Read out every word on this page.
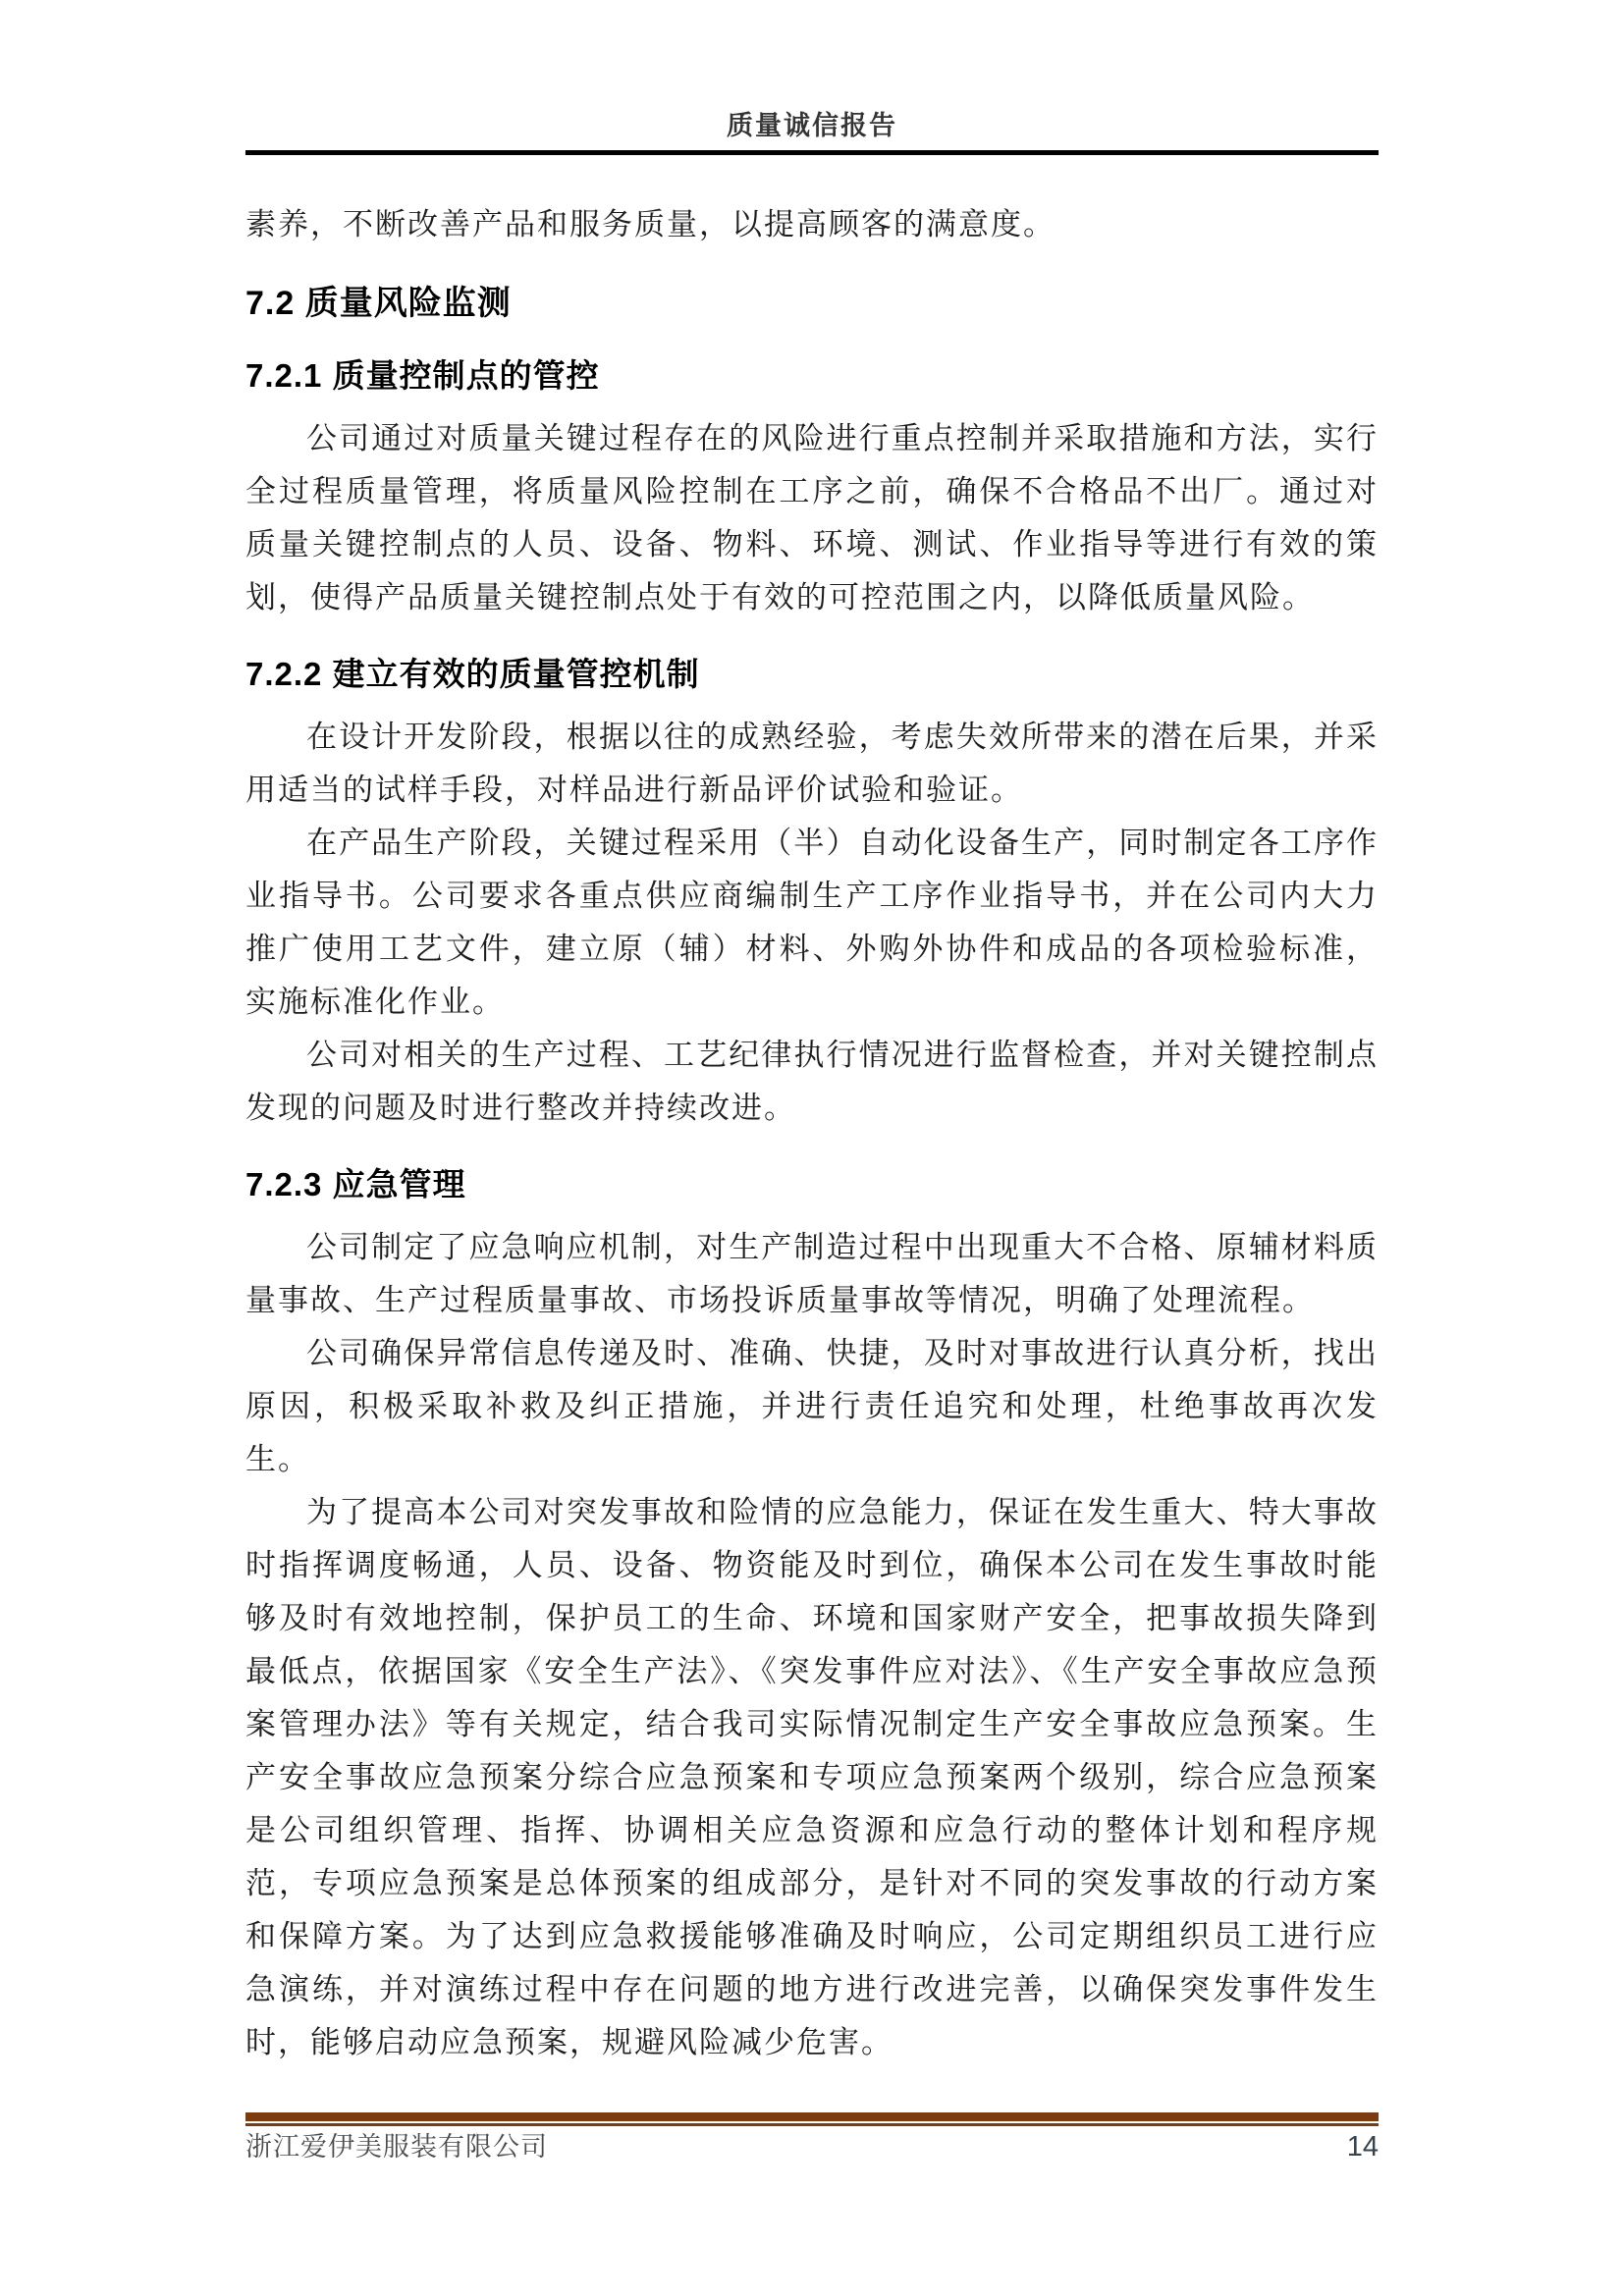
质量诚信报告

素养，不断改善产品和服务质量，以提高顾客的满意度。

7.2 质量风险监测
7.2.1 质量控制点的管控

公司通过对质量关键过程存在的风险进行重点控制并采取措施和方法，实行全过程质量管理，将质量风险控制在工序之前，确保不合格品不出厂。通过对质量关键控制点的人员、设备、物料、环境、测试、作业指导等进行有效的策划，使得产品质量关键控制点处于有效的可控范围之内，以降低质量风险。

7.2.2 建立有效的质量管控机制

在设计开发阶段，根据以往的成熟经验，考虑失效所带来的潜在后果，并采用适当的试样手段，对样品进行新品评价试验和验证。

在产品生产阶段，关键过程采用（半）自动化设备生产，同时制定各工序作业指导书。公司要求各重点供应商编制生产工序作业指导书，并在公司内大力推广使用工艺文件，建立原（辅）材料、外购外协件和成品的各项检验标准，实施标准化作业。

公司对相关的生产过程、工艺纪律执行情况进行监督检查，并对关键控制点发现的问题及时进行整改并持续改进。

7.2.3 应急管理

公司制定了应急响应机制，对生产制造过程中出现重大不合格、原辅材料质量事故、生产过程质量事故、市场投诉质量事故等情况，明确了处理流程。

公司确保异常信息传递及时、准确、快捷，及时对事故进行认真分析，找出原因，积极采取补救及纠正措施，并进行责任追究和处理，杜绝事故再次发生。

为了提高本公司对突发事故和险情的应急能力，保证在发生重大、特大事故时指挥调度畅通，人员、设备、物资能及时到位，确保本公司在发生事故时能够及时有效地控制，保护员工的生命、环境和国家财产安全，把事故损失降到最低点，依据国家《安全生产法》、《突发事件应对法》、《生产安全事故应急预案管理办法》等有关规定，结合我司实际情况制定生产安全事故应急预案。生产安全事故应急预案分综合应急预案和专项应急预案两个级别，综合应急预案是公司组织管理、指挥、协调相关应急资源和应急行动的整体计划和程序规范，专项应急预案是总体预案的组成部分，是针对不同的突发事故的行动方案和保障方案。为了达到应急救援能够准确及时响应，公司定期组织员工进行应急演练，并对演练过程中存在问题的地方进行改进完善，以确保突发事件发生时，能够启动应急预案，规避风险减少危害。

浙江爱伊美服装有限公司	14
